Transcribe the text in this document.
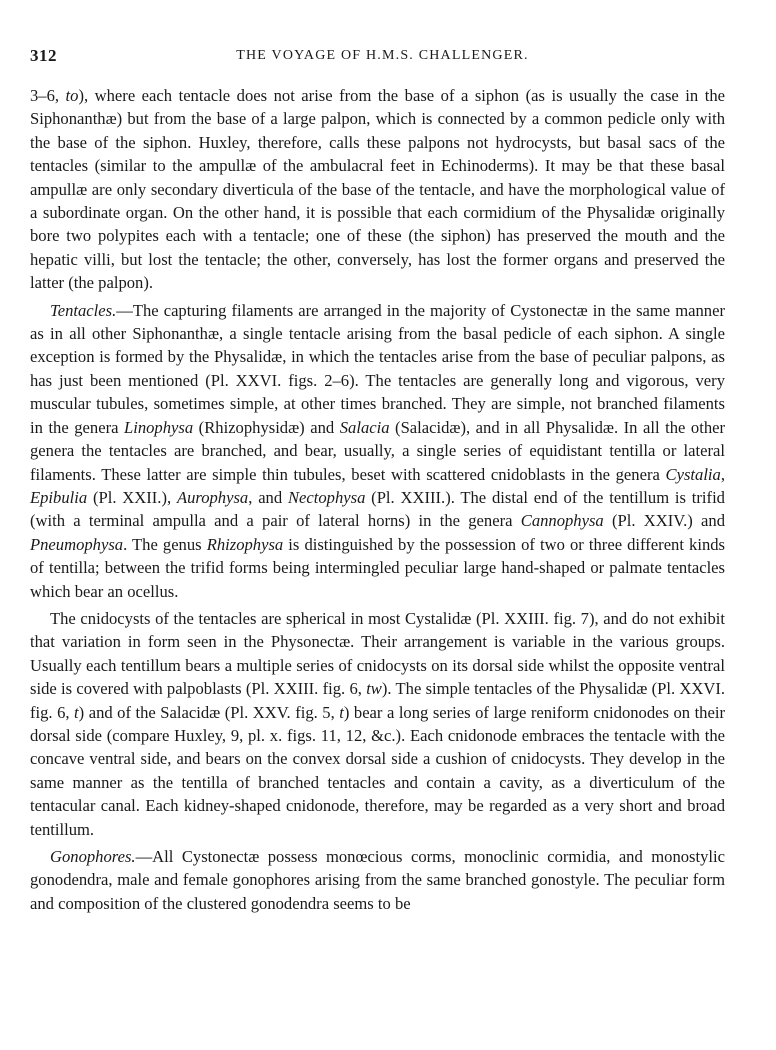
312	THE VOYAGE OF H.M.S. CHALLENGER.

3–6, to), where each tentacle does not arise from the base of a siphon (as is usually the case in the Siphonanthæ) but from the base of a large palpon, which is connected by a common pedicle only with the base of the siphon. Huxley, therefore, calls these palpons not hydrocysts, but basal sacs of the tentacles (similar to the ampullæ of the ambulacral feet in Echinoderms). It may be that these basal ampullæ are only secondary diverticula of the base of the tentacle, and have the morphological value of a subordinate organ. On the other hand, it is possible that each cormidium of the Physalidæ originally bore two polypites each with a tentacle; one of these (the siphon) has preserved the mouth and the hepatic villi, but lost the tentacle; the other, conversely, has lost the former organs and preserved the latter (the palpon).

Tentacles.—The capturing filaments are arranged in the majority of Cystonectæ in the same manner as in all other Siphonanthæ, a single tentacle arising from the basal pedicle of each siphon. A single exception is formed by the Physalidæ, in which the tentacles arise from the base of peculiar palpons, as has just been mentioned (Pl. XXVI. figs. 2–6). The tentacles are generally long and vigorous, very muscular tubules, sometimes simple, at other times branched. They are simple, not branched filaments in the genera Linophysa (Rhizophysidæ) and Salacia (Salacidæ), and in all Physalidæ. In all the other genera the tentacles are branched, and bear, usually, a single series of equidistant tentilla or lateral filaments. These latter are simple thin tubules, beset with scattered cnidoblasts in the genera Cystalia, Epibulia (Pl. XXII.), Aurophysa, and Nectophysa (Pl. XXIII.). The distal end of the tentillum is trifid (with a terminal ampulla and a pair of lateral horns) in the genera Cannophysa (Pl. XXIV.) and Pneumophysa. The genus Rhizophysa is distinguished by the possession of two or three different kinds of tentilla; between the trifid forms being intermingled peculiar large hand-shaped or palmate tentacles which bear an ocellus.

The cnidocysts of the tentacles are spherical in most Cystalidæ (Pl. XXIII. fig. 7), and do not exhibit that variation in form seen in the Physonectæ. Their arrangement is variable in the various groups. Usually each tentillum bears a multiple series of cnidocysts on its dorsal side whilst the opposite ventral side is covered with palpoblasts (Pl. XXIII. fig. 6, tw). The simple tentacles of the Physalidæ (Pl. XXVI. fig. 6, t) and of the Salacidæ (Pl. XXV. fig. 5, t) bear a long series of large reniform cnidonodes on their dorsal side (compare Huxley, 9, pl. x. figs. 11, 12, &c.). Each cnidonode embraces the tentacle with the concave ventral side, and bears on the convex dorsal side a cushion of cnidocysts. They develop in the same manner as the tentilla of branched tentacles and contain a cavity, as a diverticulum of the tentacular canal. Each kidney-shaped cnidonode, therefore, may be regarded as a very short and broad tentillum.

Gonophores.—All Cystonectæ possess monœcious corms, monoclinic cormidia, and monostylic gonodendra, male and female gonophores arising from the same branched gonostyle. The peculiar form and composition of the clustered gonodendra seems to be
